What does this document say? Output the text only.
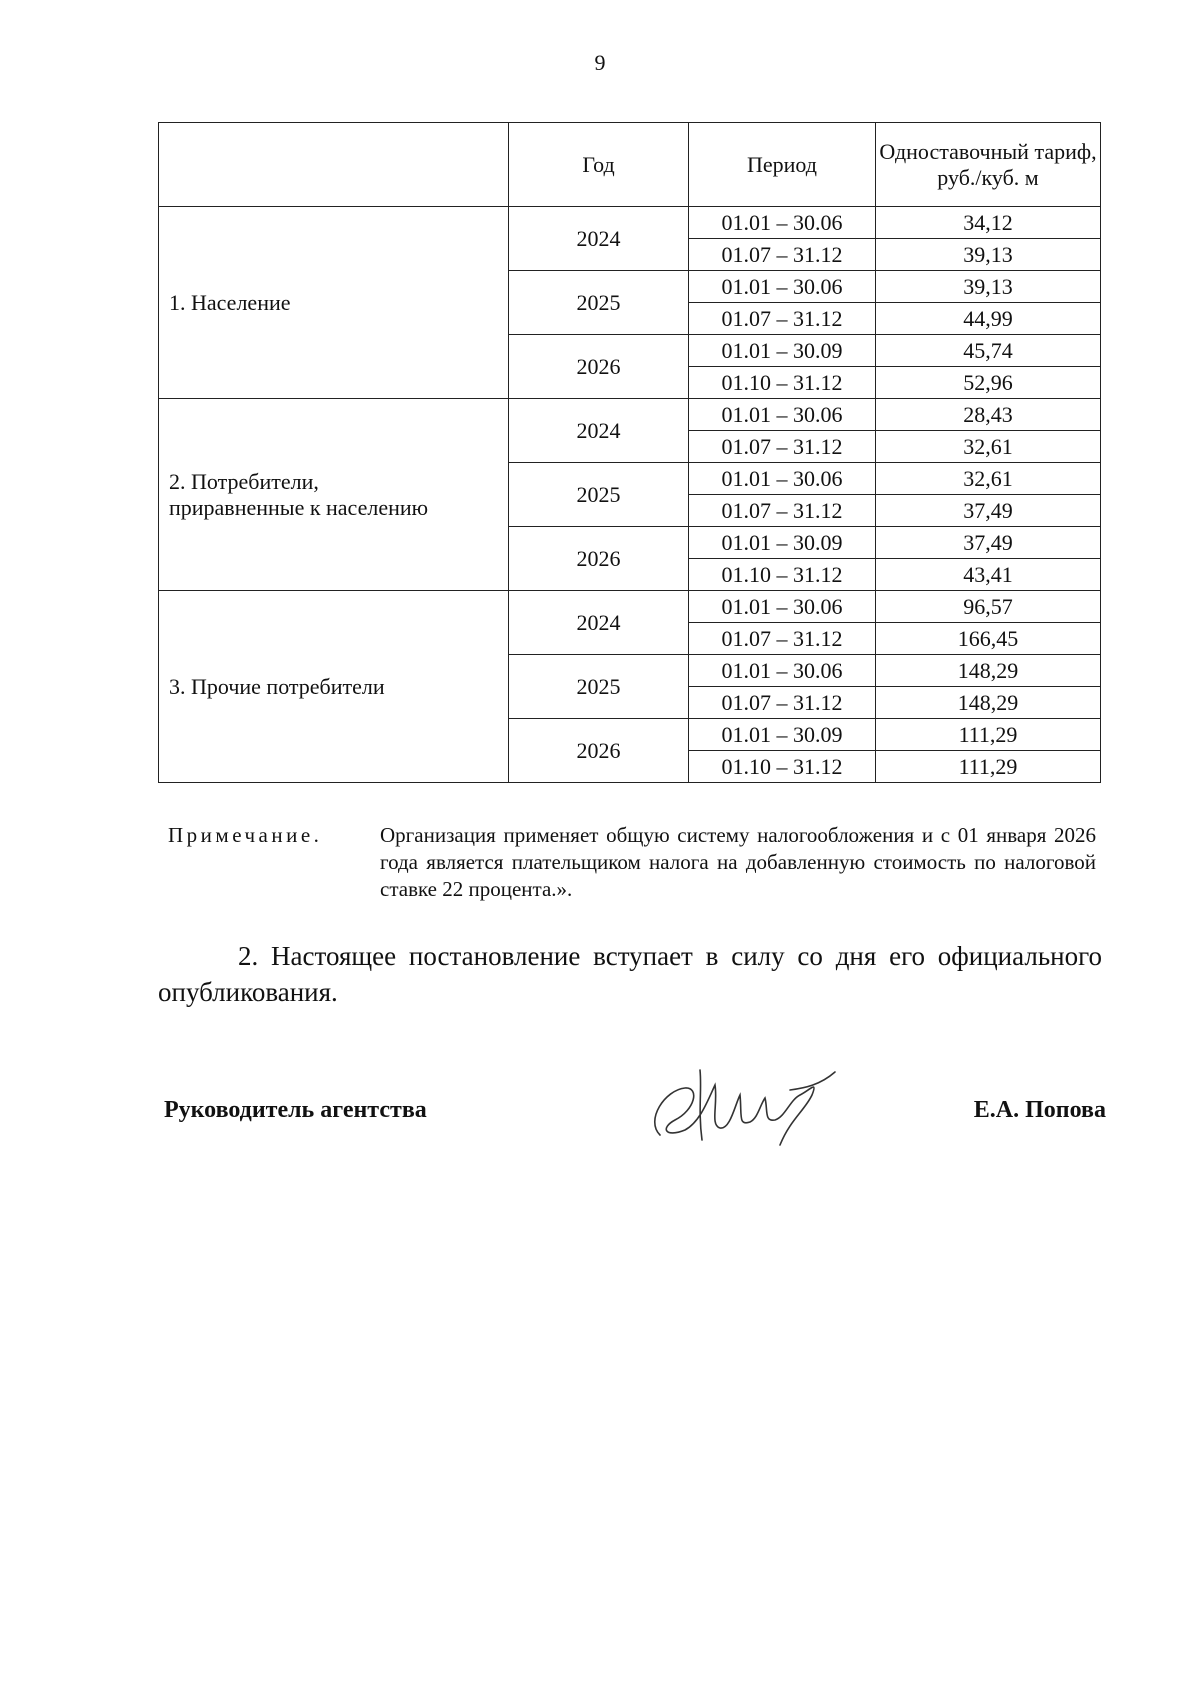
9
	Год	Период	Одноставочный тариф, руб./куб. м
1. Население	2024	01.01 – 30.06	34,12
		01.07 – 31.12	39,13
	2025	01.01 – 30.06	39,13
		01.07 – 31.12	44,99
	2026	01.01 – 30.09	45,74
		01.10 – 31.12	52,96
2. Потребители,
приравненные к населению	2024	01.01 – 30.06	28,43
		01.07 – 31.12	32,61
	2025	01.01 – 30.06	32,61
		01.07 – 31.12	37,49
	2026	01.01 – 30.09	37,49
		01.10 – 31.12	43,41
3. Прочие потребители	2024	01.01 – 30.06	96,57
		01.07 – 31.12	166,45
	2025	01.01 – 30.06	148,29
		01.07 – 31.12	148,29
	2026	01.01 – 30.09	111,29
		01.10 – 31.12	111,29
Примечание.	Организация применяет общую систему налогообложения и с 01 января 2026 года является плательщиком налога на добавленную стоимость по налоговой ставке 22 процента.».
2. Настоящее постановление вступает в силу со дня его официального опубликования.
Руководитель агентства	Е.А. Попова
